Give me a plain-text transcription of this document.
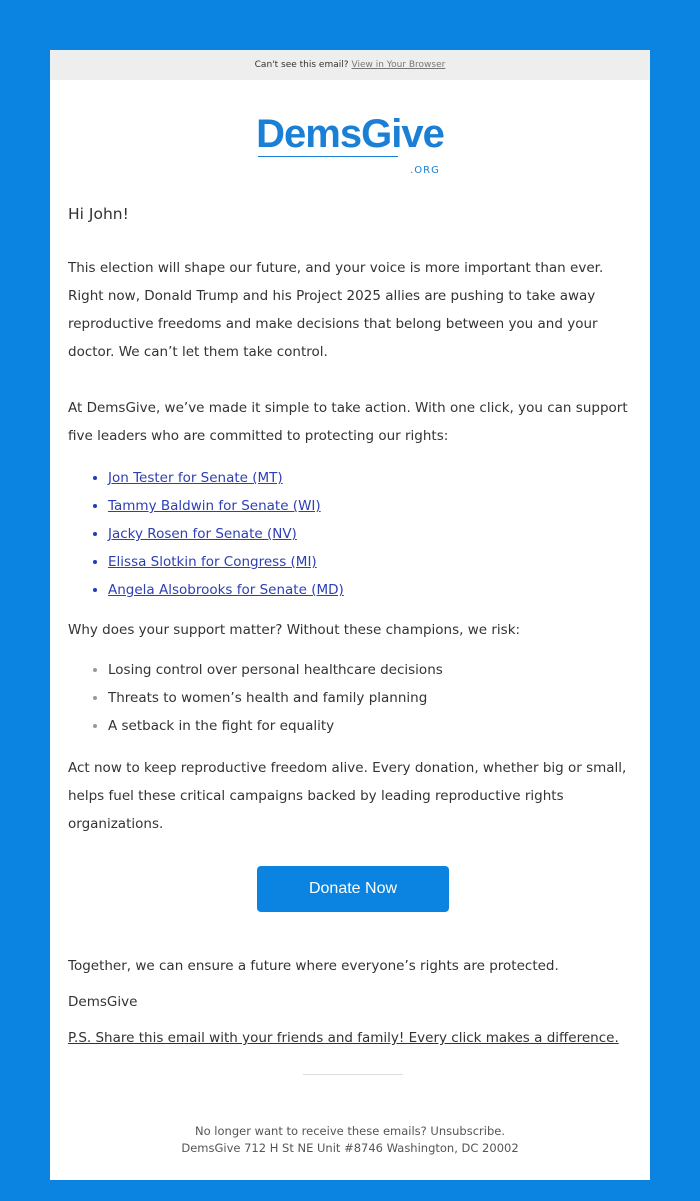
Can't see this email? View in Your Browser
DemsGive
.ORG

Hi John!

This election will shape our future, and your voice is more important than ever. Right now, Donald Trump and his Project 2025 allies are pushing to take away reproductive freedoms and make decisions that belong between you and your doctor. We can’t let them take control.

At DemsGive, we’ve made it simple to take action. With one click, you can support five leaders who are committed to protecting our rights:

• Jon Tester for Senate (MT)
• Tammy Baldwin for Senate (WI)
• Jacky Rosen for Senate (NV)
• Elissa Slotkin for Congress (MI)
• Angela Alsobrooks for Senate (MD)

Why does your support matter? Without these champions, we risk:

• Losing control over personal healthcare decisions
• Threats to women’s health and family planning
• A setback in the fight for equality

Act now to keep reproductive freedom alive. Every donation, whether big or small, helps fuel these critical campaigns backed by leading reproductive rights organizations.

Donate Now

Together, we can ensure a future where everyone’s rights are protected.

DemsGive

P.S. Share this email with your friends and family! Every click makes a difference.

No longer want to receive these emails? Unsubscribe.
DemsGive 712 H St NE Unit #8746 Washington, DC 20002
